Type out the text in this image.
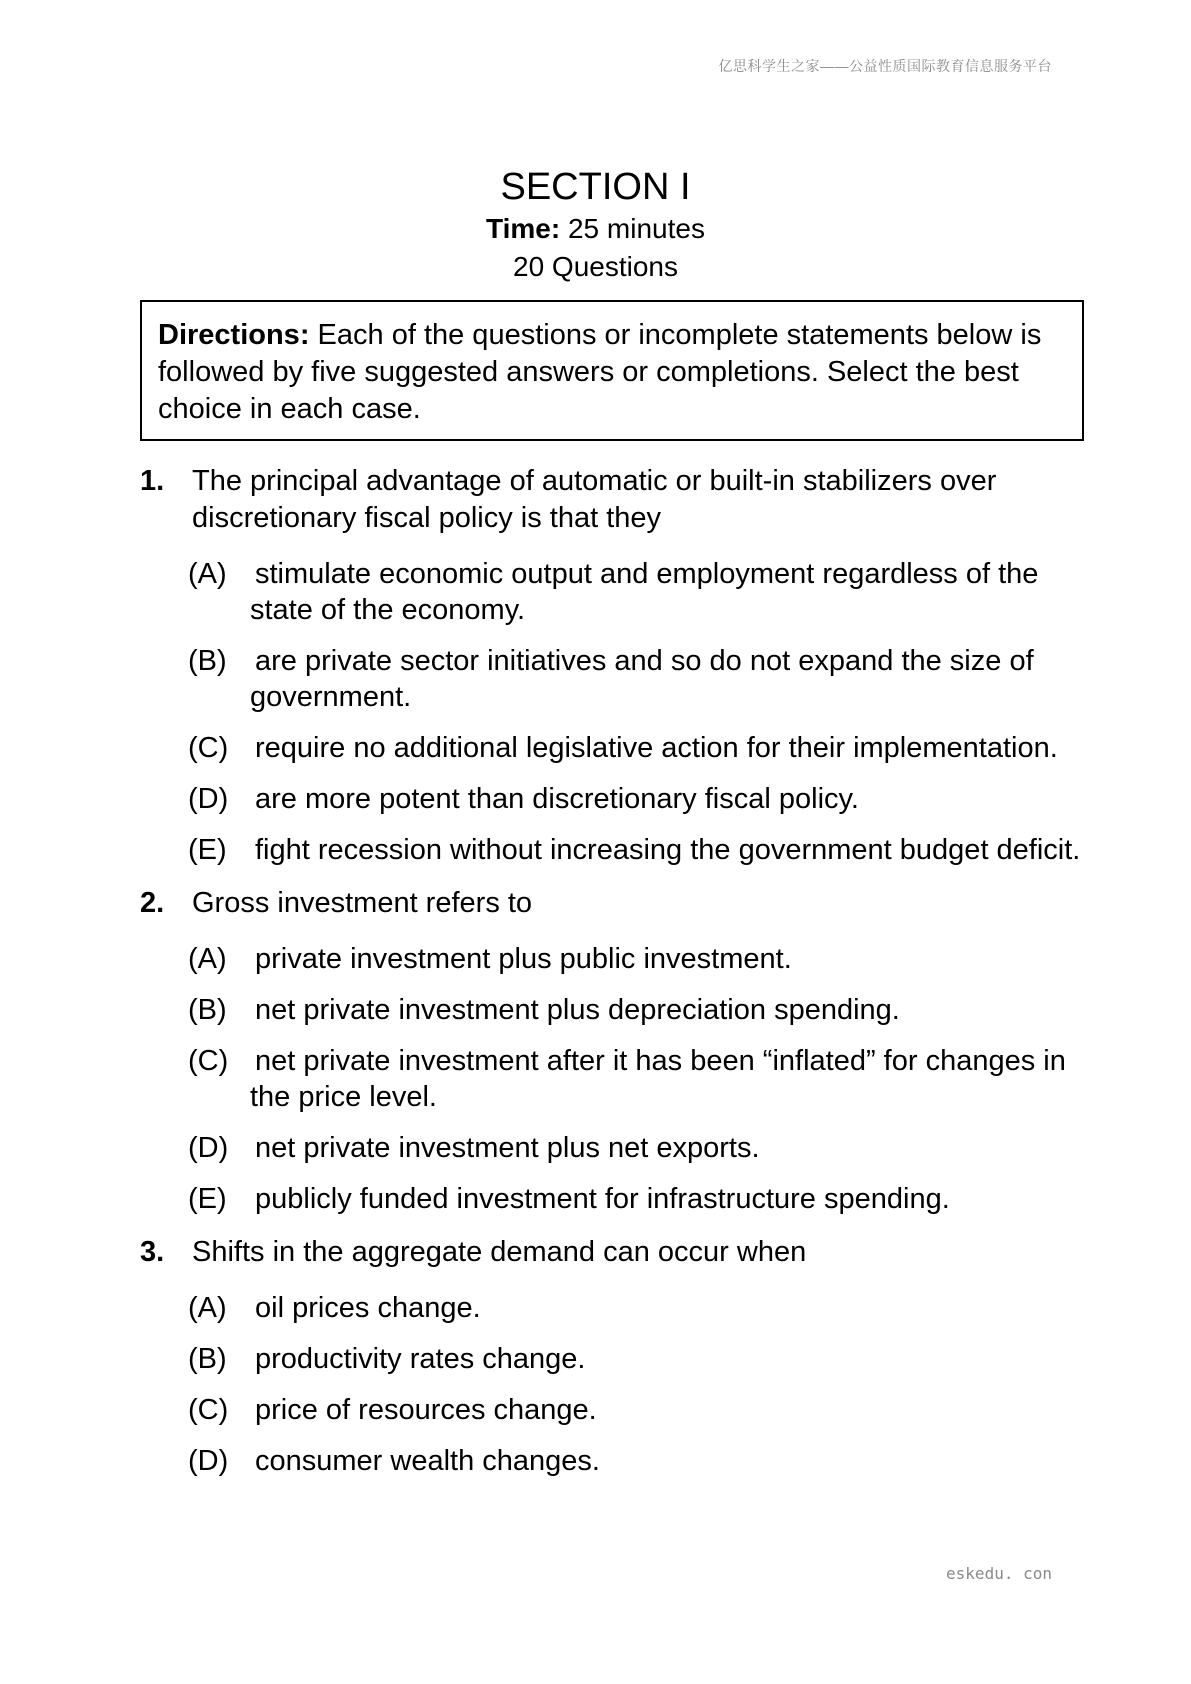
亿思科学生之家——公益性质国际教育信息服务平台
SECTION I
Time: 25 minutes
20 Questions
Directions: Each of the questions or incomplete statements below is followed by five suggested answers or completions. Select the best choice in each case.
1. The principal advantage of automatic or built-in stabilizers over discretionary fiscal policy is that they
(A) stimulate economic output and employment regardless of the state of the economy.
(B) are private sector initiatives and so do not expand the size of government.
(C) require no additional legislative action for their implementation.
(D) are more potent than discretionary fiscal policy.
(E) fight recession without increasing the government budget deficit.
2. Gross investment refers to
(A) private investment plus public investment.
(B) net private investment plus depreciation spending.
(C) net private investment after it has been “inflated” for changes in the price level.
(D) net private investment plus net exports.
(E) publicly funded investment for infrastructure spending.
3. Shifts in the aggregate demand can occur when
(A) oil prices change.
(B) productivity rates change.
(C) price of resources change.
(D) consumer wealth changes.
eskedu. con
